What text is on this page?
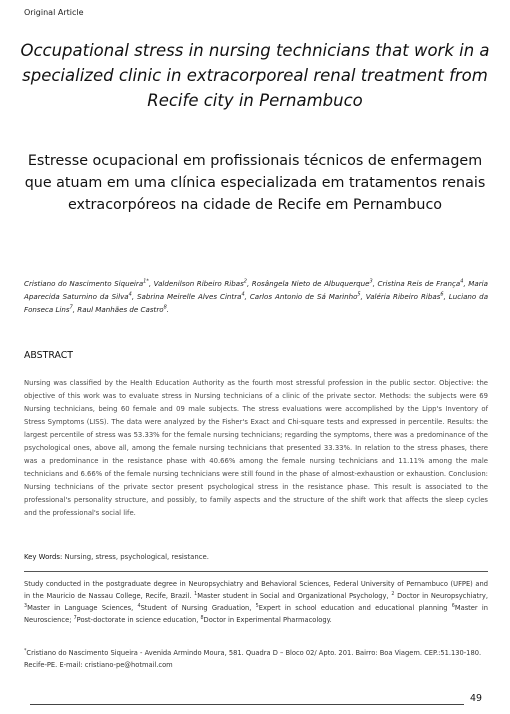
Original Article
Occupational stress in nursing technicians that work in a specialized clinic in extracorporeal renal treatment from Recife city in Pernambuco
Estresse ocupacional em profissionais técnicos de enfermagem que atuam em uma clínica especializada em tratamentos renais extracorpóreos na cidade de Recife em Pernambuco
Cristiano do Nascimento Siqueira$^{1*}$, Valdenilson Ribeiro Ribas$^2$, Rosângela Nieto de Albuquerque$^3$, Cristina Reis de França$^4$, Maria Aparecida Saturnino da Silva$^4$, Sabrina Meirelle Alves Cintra$^4$, Carlos Antonio de Sá Marinho$^5$, Valéria Ribeiro Ribas$^6$, Luciano da Fonseca Lins$^7$, Raul Manhães de Castro$^8$.
ABSTRACT
Nursing was classified by the Health Education Authority as the fourth most stressful profession in the public sector. Objective: the objective of this work was to evaluate stress in Nursing technicians of a clinic of the private sector. Methods: the subjects were 69 Nursing technicians, being 60 female and 09 male subjects. The stress evaluations were accomplished by the Lipp's Inventory of Stress Symptoms (LISS). The data were analyzed by the Fisher's Exact and Chi-square tests and expressed in percentile. Results: the largest percentile of stress was 53.33% for the female nursing technicians; regarding the symptoms, there was a predominance of the psychological ones, above all, among the female nursing technicians that presented 33.33%. In relation to the stress phases, there was a predominance in the resistance phase with 40.66% among the female nursing technicians and 11.11% among the male technicians and 6.66% of the female nursing technicians were still found in the phase of almost-exhaustion or exhaustion. Conclusion: Nursing technicians of the private sector present psychological stress in the resistance phase. This result is associated to the professional's personality structure, and possibly, to family aspects and the structure of the shift work that affects the sleep cycles and the professional's social life.
Key Words: Nursing, stress, psychological, resistance.
Study conducted in the postgraduate degree in Neuropsychiatry and Behavioral Sciences, Federal University of Pernambuco (UFPE) and in the Mauricio de Nassau College, Recife, Brazil. $^1$Master student in Social and Organizational Psychology, $^2$ Doctor in Neuropsychiatry, $^3$Master in Language Sciences, $^4$Student of Nursing Graduation, $^5$Expert in school education and educational planning $^6$Master in Neuroscience; $^7$Post-doctorate in science education, $^8$Doctor in Experimental Pharmacology.
*Cristiano do Nascimento Siqueira - Avenida Armindo Moura, 581. Quadra D – Bloco 02/ Apto. 201. Bairro: Boa Viagem. CEP.:51.130-180. Recife-PE. E-mail: cristiano-pe@hotmail.com
49
